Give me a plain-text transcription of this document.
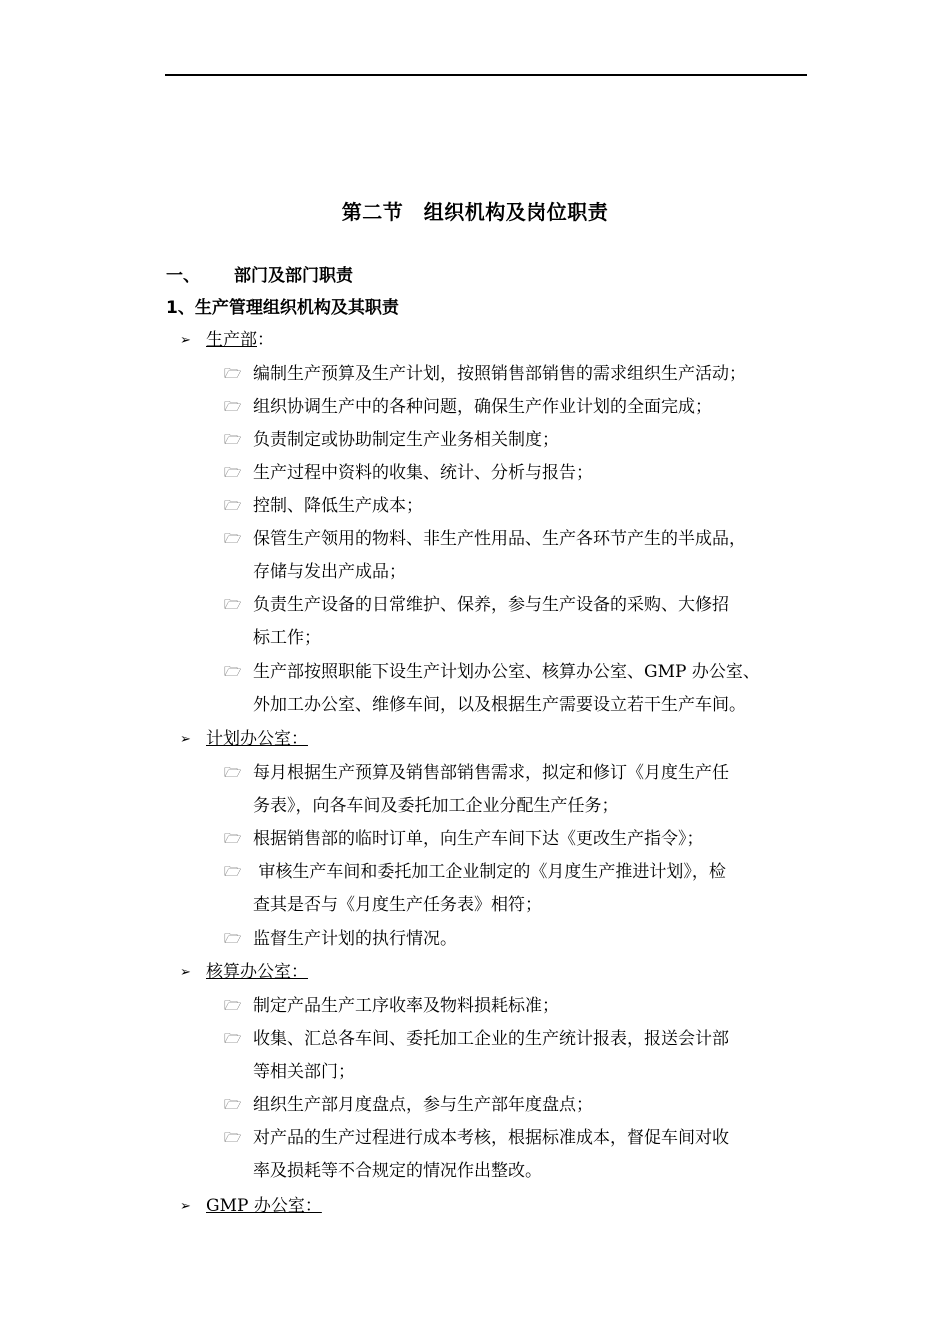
第二节　组织机构及岗位职责
一、 部门及部门职责
1、生产管理组织机构及其职责
➢ 生产部：
🗁 编制生产预算及生产计划，按照销售部销售的需求组织生产活动；
🗁 组织协调生产中的各种问题，确保生产作业计划的全面完成；
🗁 负责制定或协助制定生产业务相关制度；
🗁 生产过程中资料的收集、统计、分析与报告；
🗁 控制、降低生产成本；
🗁 保管生产领用的物料、非生产性用品、生产各环节产生的半成品，
存储与发出产成品；
🗁 负责生产设备的日常维护、保养，参与生产设备的采购、大修招
标工作；
🗁 生产部按照职能下设生产计划办公室、核算办公室、GMP 办公室、
外加工办公室、维修车间，以及根据生产需要设立若干生产车间。
➢ 计划办公室：
🗁 每月根据生产预算及销售部销售需求，拟定和修订《月度生产任
务表》，向各车间及委托加工企业分配生产任务；
🗁 根据销售部的临时订单，向生产车间下达《更改生产指令》；
🗁	审核生产车间和委托加工企业制定的《月度生产推进计划》，检
查其是否与《月度生产任务表》相符；
🗁 监督生产计划的执行情况。
➢ 核算办公室：
🗁 制定产品生产工序收率及物料损耗标准；
🗁 收集、汇总各车间、委托加工企业的生产统计报表，报送会计部
等相关部门；
🗁 组织生产部月度盘点，参与生产部年度盘点；
🗁 对产品的生产过程进行成本考核，根据标准成本，督促车间对收
率及损耗等不合规定的情况作出整改。
➢ GMP 办公室：
